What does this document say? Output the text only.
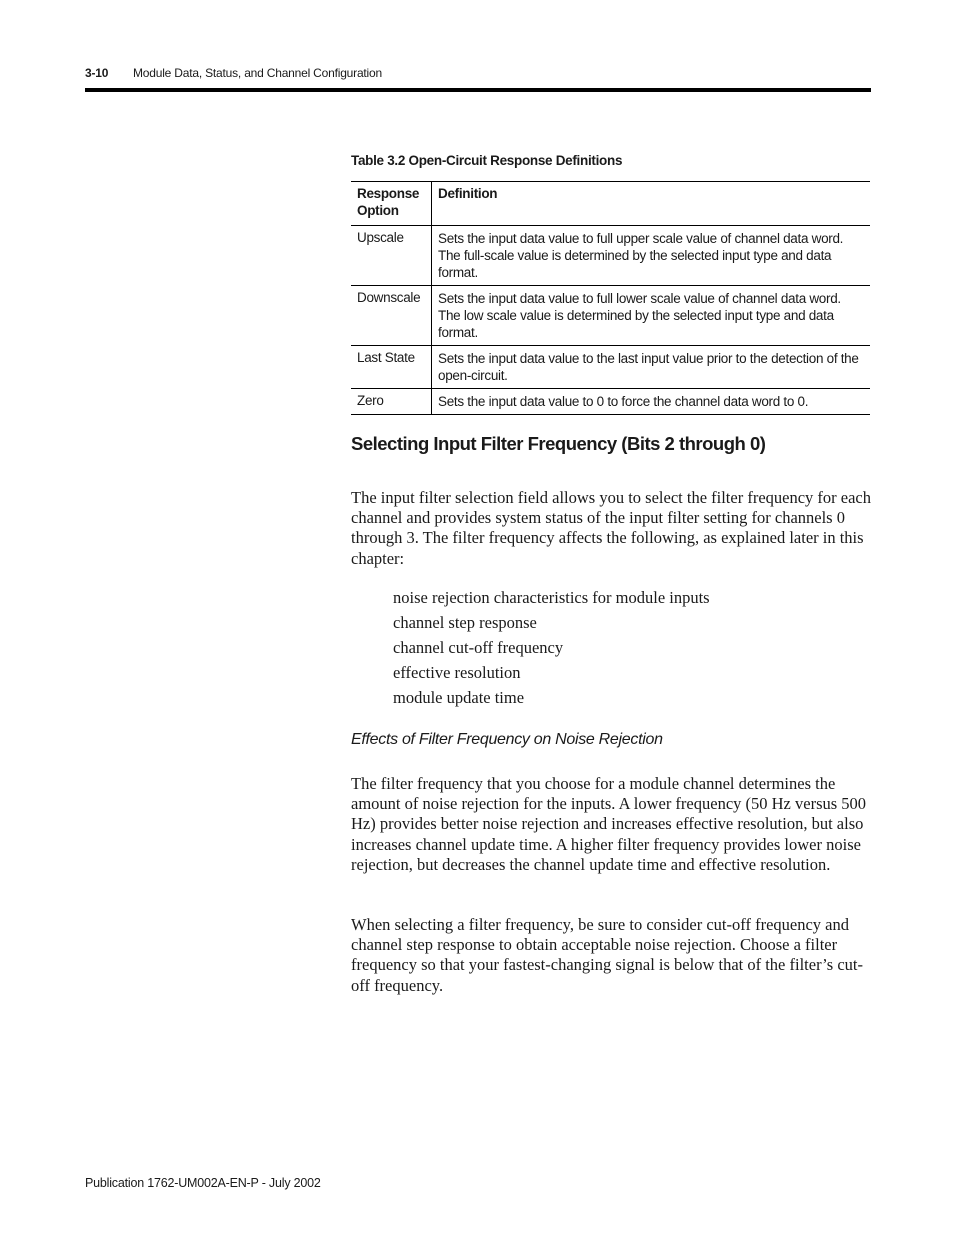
3-10 Module Data, Status, and Channel Configuration
Table 3.2 Open-Circuit Response Definitions
Response Option	Definition
Upscale	Sets the input data value to full upper scale value of channel data word. The full-scale value is determined by the selected input type and data format.
Downscale	Sets the input data value to full lower scale value of channel data word. The low scale value is determined by the selected input type and data format.
Last State	Sets the input data value to the last input value prior to the detection of the open-circuit.
Zero	Sets the input data value to 0 to force the channel data word to 0.
Selecting Input Filter Frequency (Bits 2 through 0)
The input filter selection field allows you to select the filter frequency for each channel and provides system status of the input filter setting for channels 0 through 3. The filter frequency affects the following, as explained later in this chapter:
noise rejection characteristics for module inputs
channel step response
channel cut-off frequency
effective resolution
module update time
Effects of Filter Frequency on Noise Rejection
The filter frequency that you choose for a module channel determines the amount of noise rejection for the inputs. A lower frequency (50 Hz versus 500 Hz) provides better noise rejection and increases effective resolution, but also increases channel update time. A higher filter frequency provides lower noise rejection, but decreases the channel update time and effective resolution.
When selecting a filter frequency, be sure to consider cut-off frequency and channel step response to obtain acceptable noise rejection. Choose a filter frequency so that your fastest-changing signal is below that of the filter’s cut-off frequency.
Publication 1762-UM002A-EN-P - July 2002
